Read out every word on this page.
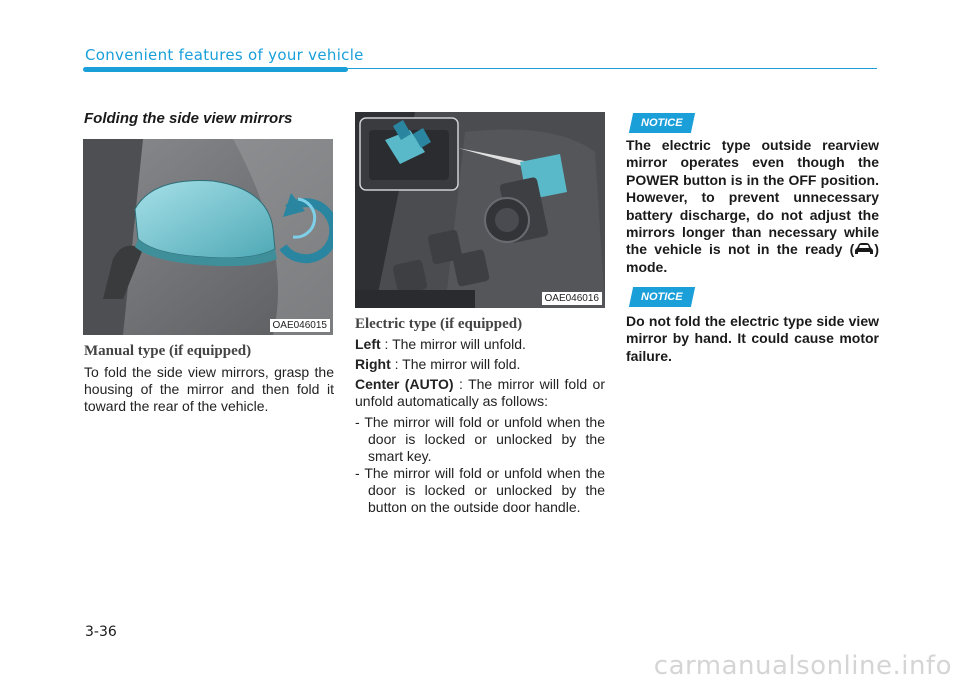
Convenient features of your vehicle
Folding the side view mirrors
OAE046015
Manual type (if equipped)
To fold the side view mirrors, grasp the housing of the mirror and then fold it toward the rear of the vehicle.
OAE046016
Electric type (if equipped)
Left : The mirror will unfold.
Right : The mirror will fold.
Center (AUTO) : The mirror will fold or unfold automatically as follows:
- The mirror will fold or unfold when the door is locked or unlocked by the smart key.
- The mirror will fold or unfold when the door is locked or unlocked by the button on the outside door handle.
NOTICE
The electric type outside rearview mirror operates even though the POWER button is in the OFF position. However, to prevent unnecessary battery discharge, do not adjust the mirrors longer than necessary while the vehicle is not in the ready ( ) mode.
NOTICE
Do not fold the electric type side view mirror by hand. It could cause motor failure.
3-36
carmanualsonline.info
